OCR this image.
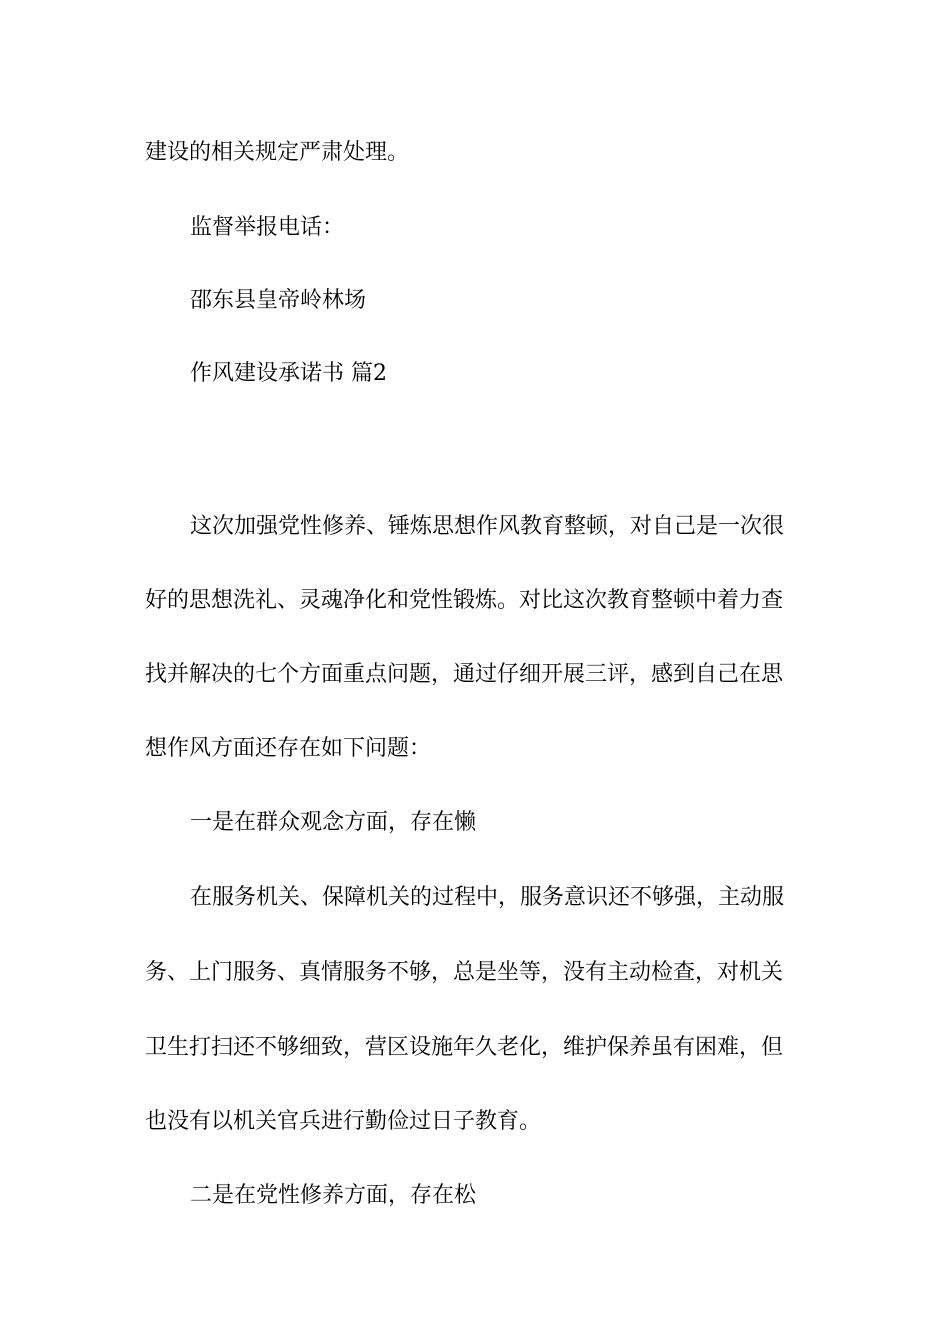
建设的相关规定严肃处理。

监督举报电话：

邵东县皇帝岭林场

作风建设承诺书 篇2

这次加强党性修养、锤炼思想作风教育整顿，对自己是一次很

好的思想洗礼、灵魂净化和党性锻炼。对比这次教育整顿中着力查

找并解决的七个方面重点问题，通过仔细开展三评，感到自己在思

想作风方面还存在如下问题：

一是在群众观念方面，存在懒

在服务机关、保障机关的过程中，服务意识还不够强，主动服

务、上门服务、真情服务不够，总是坐等，没有主动检查，对机关

卫生打扫还不够细致，营区设施年久老化，维护保养虽有困难，但

也没有以机关官兵进行勤俭过日子教育。

二是在党性修养方面，存在松
